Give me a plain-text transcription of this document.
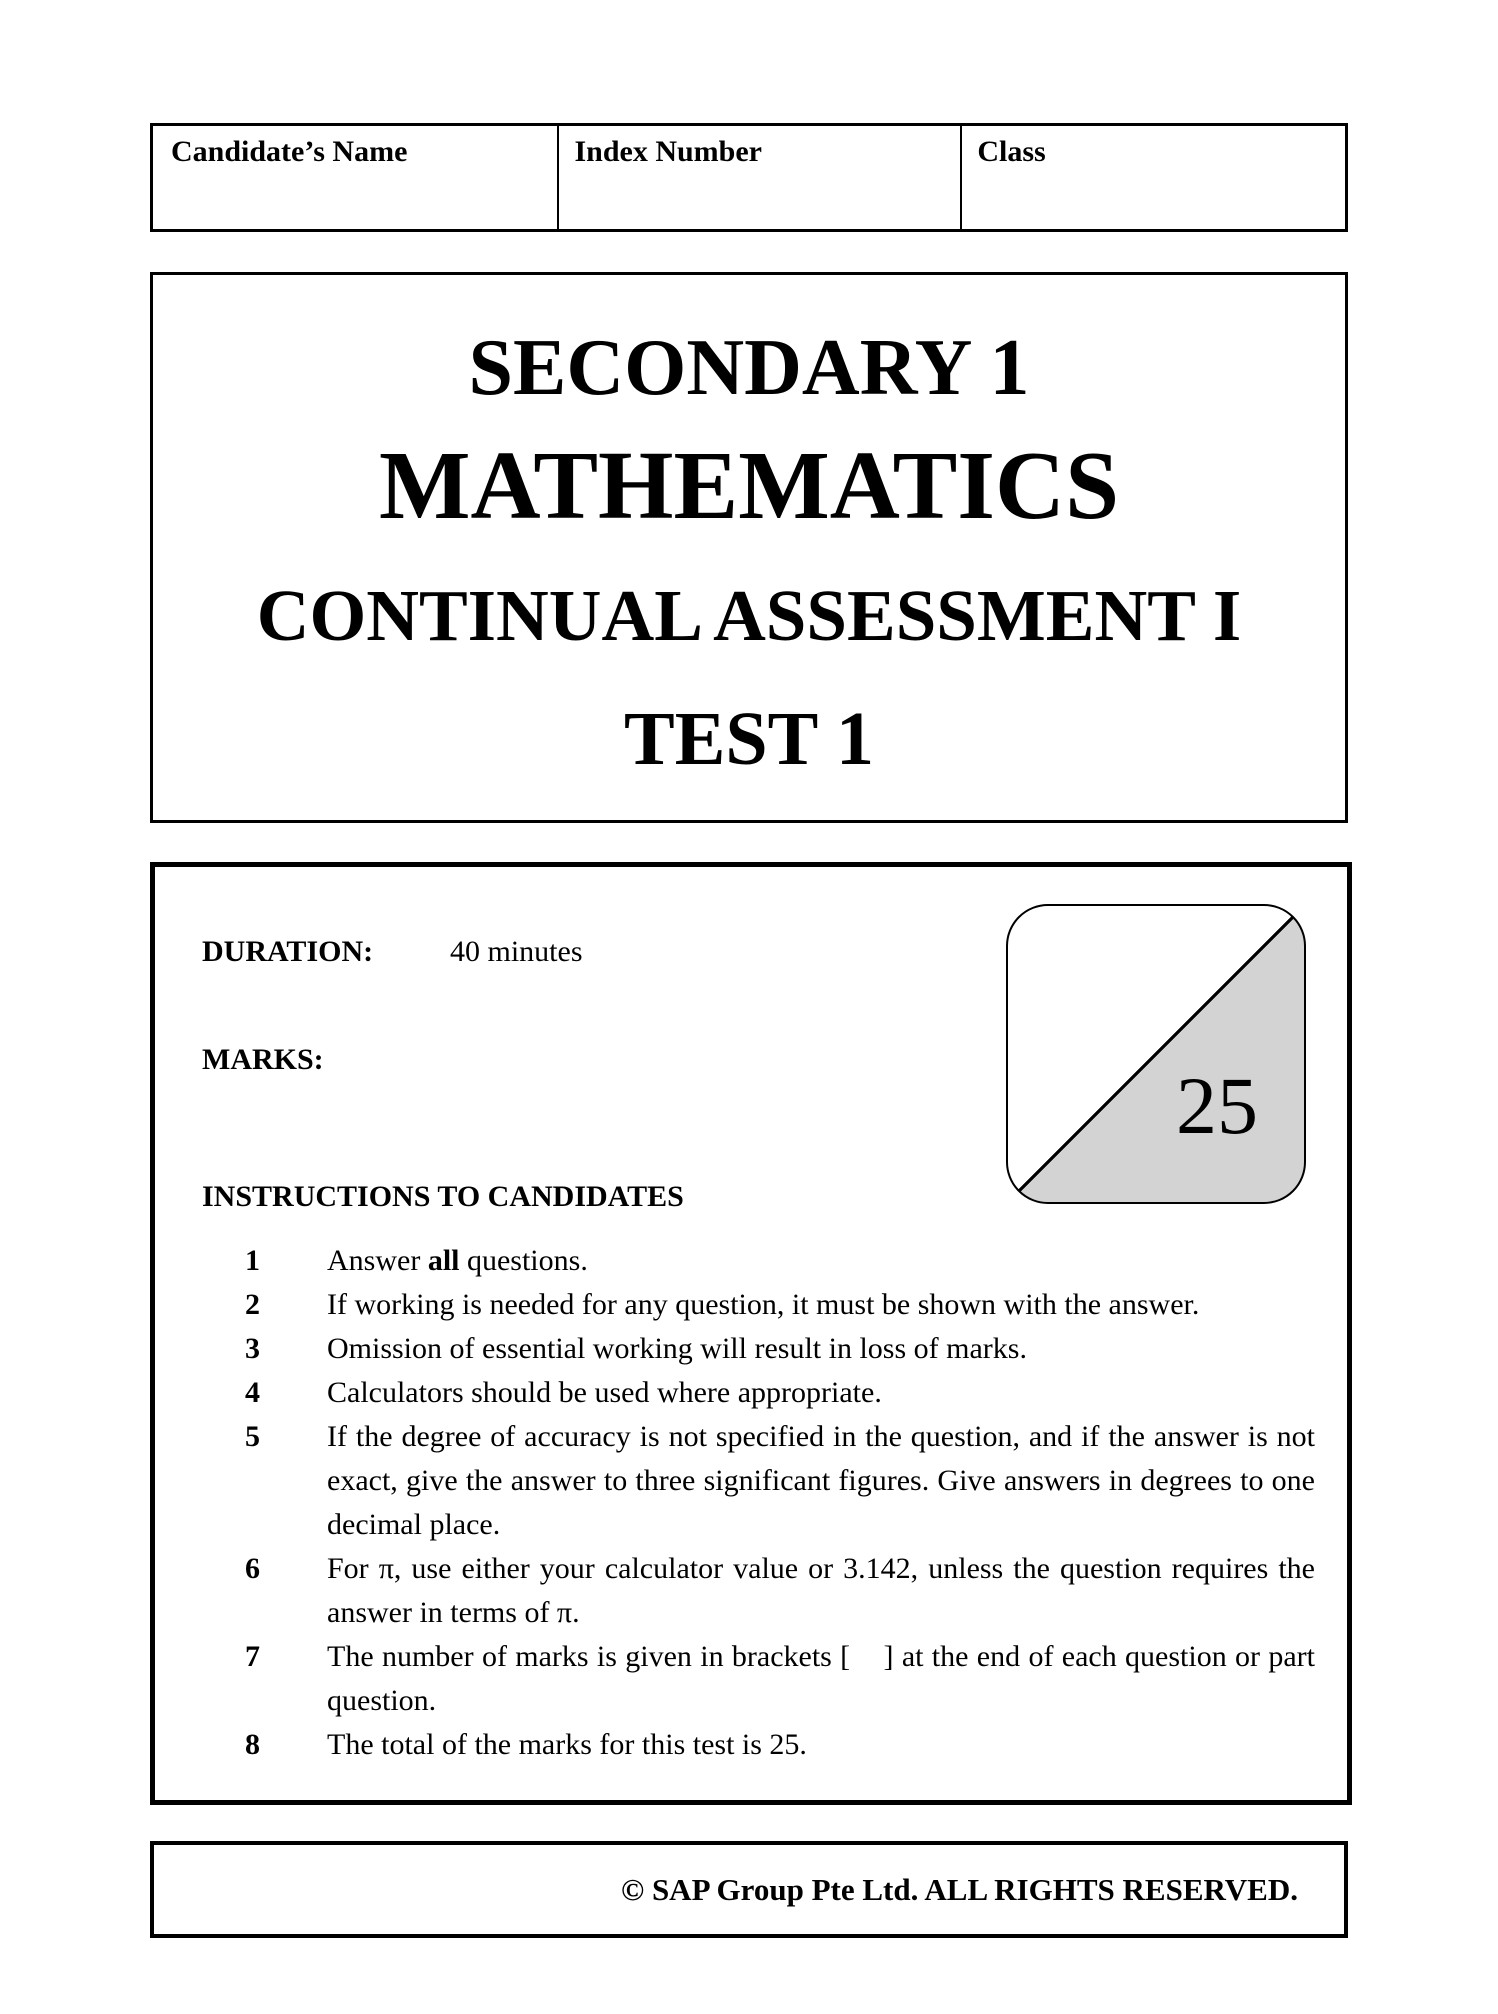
Candidate’s Name	Index Number	Class
SECONDARY 1
MATHEMATICS
CONTINUAL ASSESSMENT I
TEST 1
DURATION:	40 minutes
MARKS:
25
INSTRUCTIONS TO CANDIDATES
1	Answer all questions.
2	If working is needed for any question, it must be shown with the answer.
3	Omission of essential working will result in loss of marks.
4	Calculators should be used where appropriate.
5	If the degree of accuracy is not specified in the question, and if the answer is not exact, give the answer to three significant figures. Give answers in degrees to one decimal place.
6	For π, use either your calculator value or 3.142, unless the question requires the answer in terms of π.
7	The number of marks is given in brackets [    ] at the end of each question or part question.
8	The total of the marks for this test is 25.
© SAP Group Pte Ltd. ALL RIGHTS RESERVED.
